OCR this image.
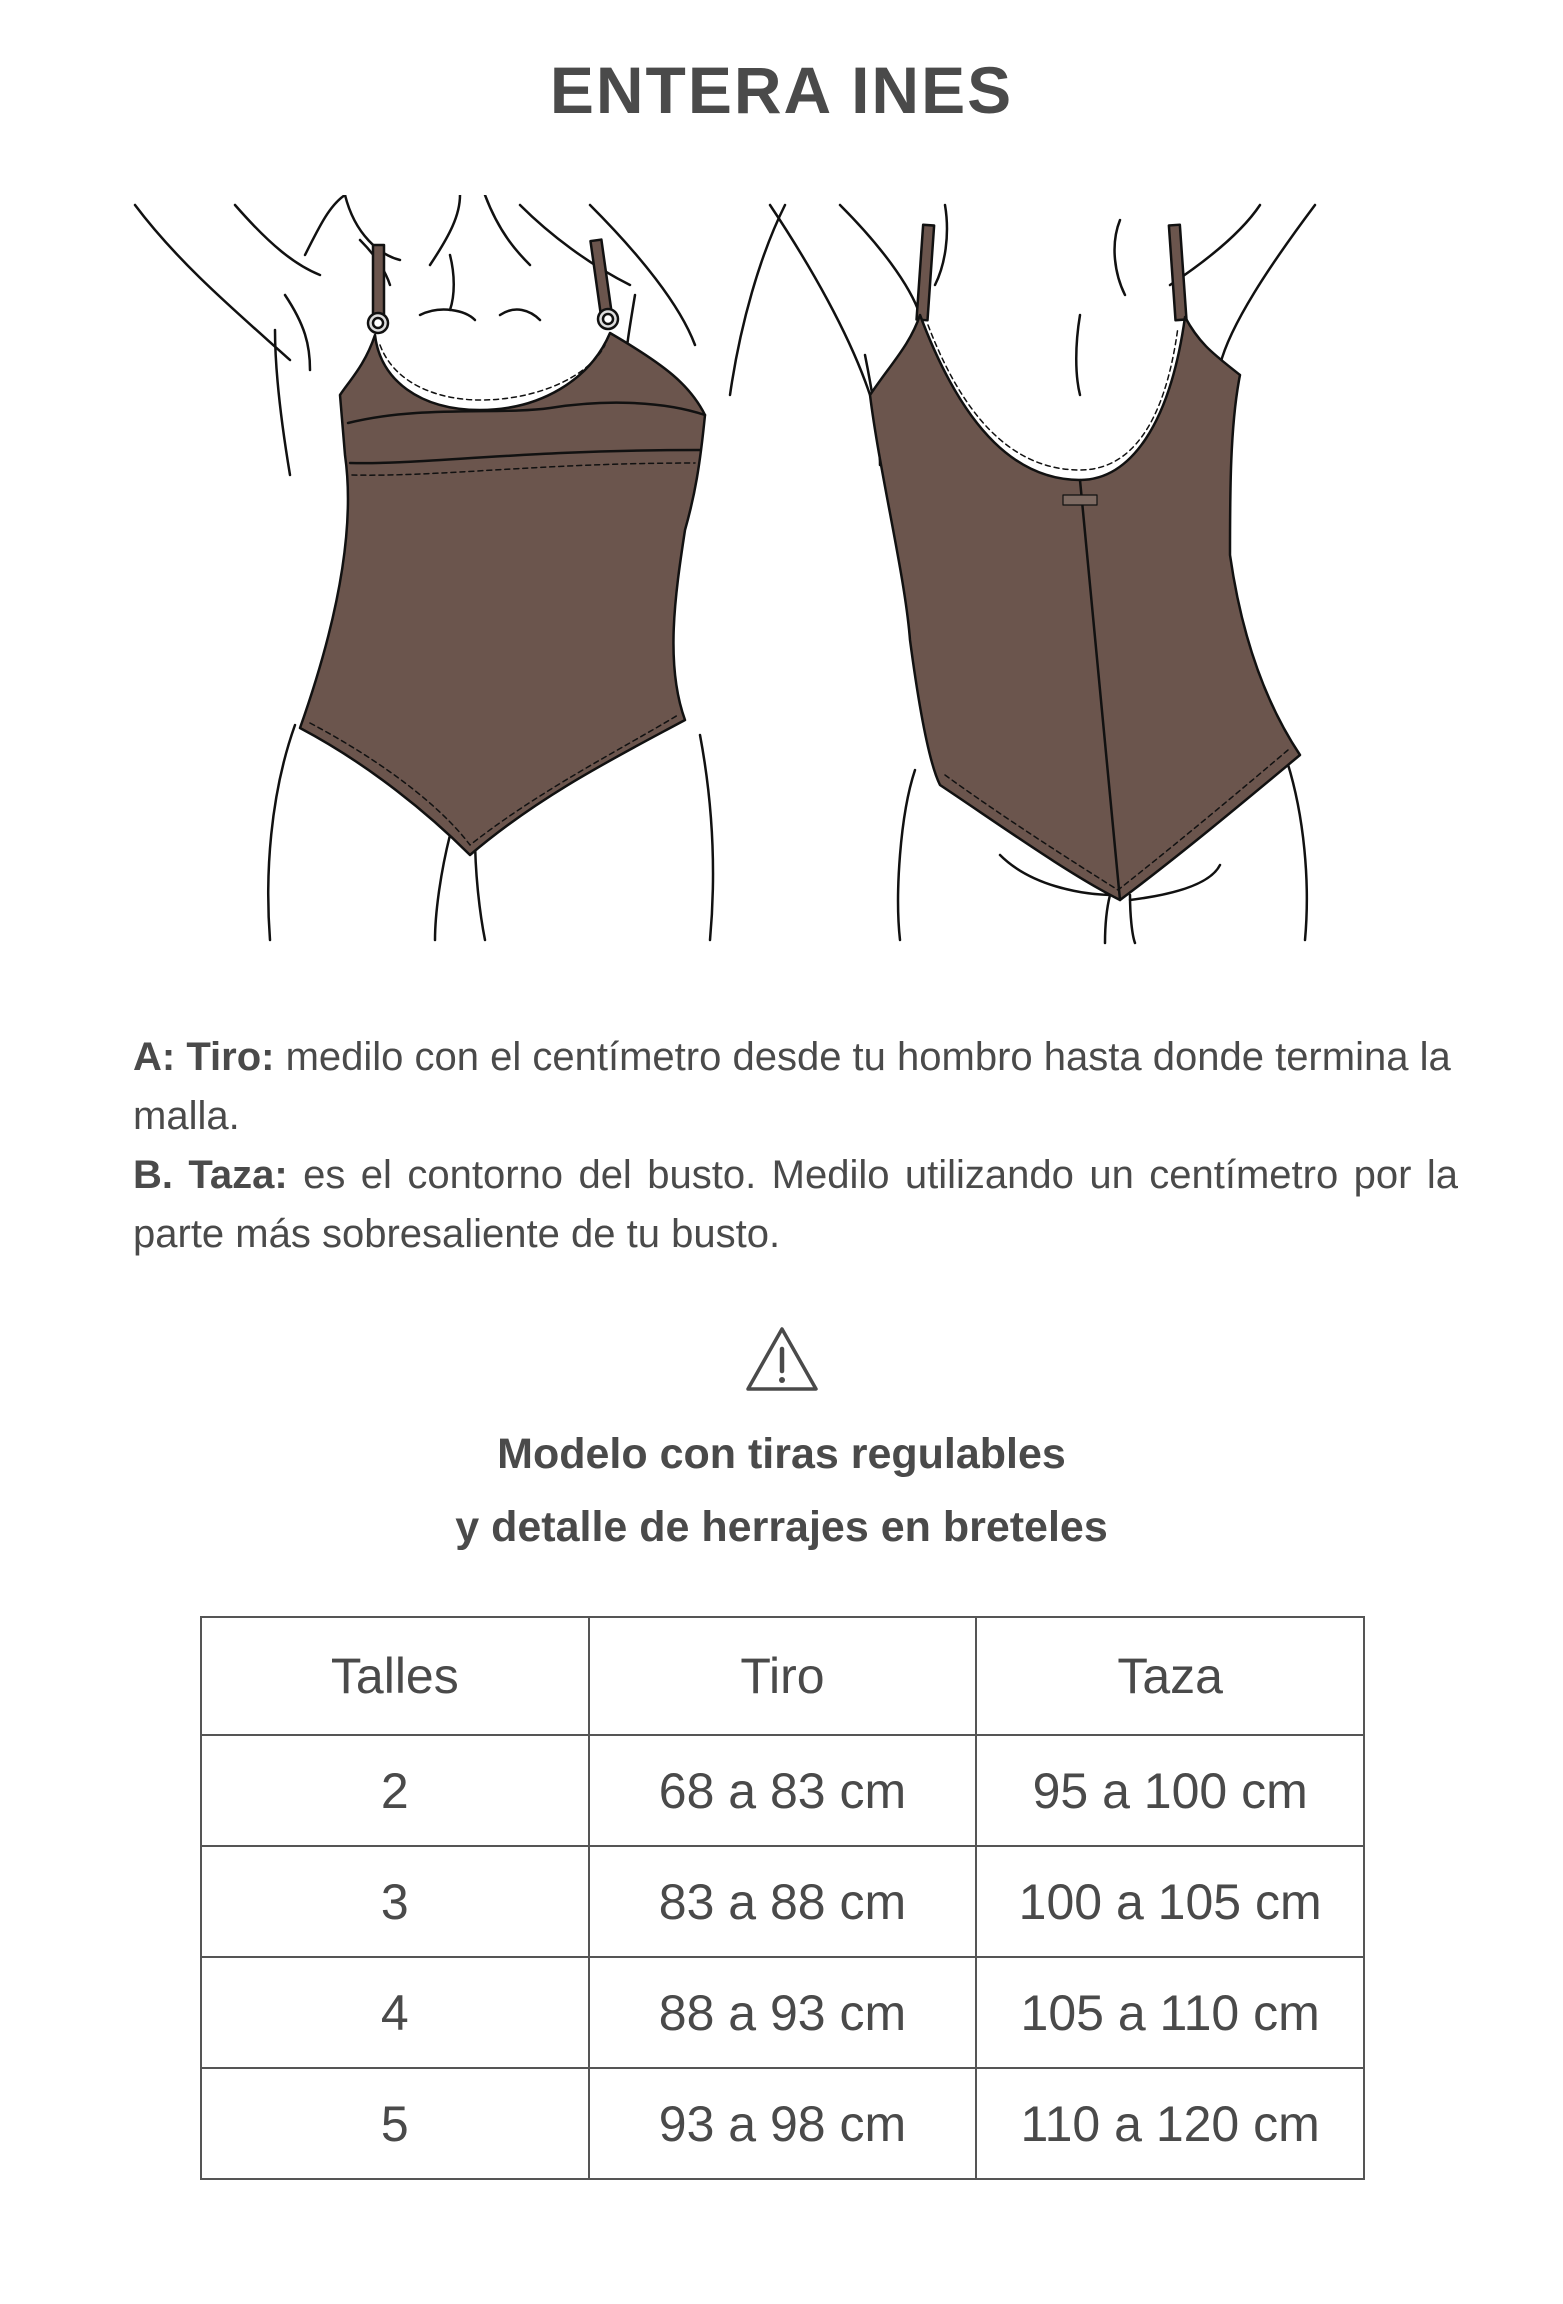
ENTERA INES

A: Tiro: medilo con el centímetro desde tu hombro hasta donde termina la malla.

B. Taza: es el contorno del busto. Medilo utilizando un centímetro por la parte más sobresaliente de tu busto.

Modelo con tiras regulables
y detalle de herrajes en breteles
Talles	Tiro	Taza
2	68 a 83 cm	95 a 100 cm
3	83 a 88 cm	100 a 105 cm
4	88 a 93 cm	105 a 110 cm
5	93 a 98 cm	110 a 120 cm
